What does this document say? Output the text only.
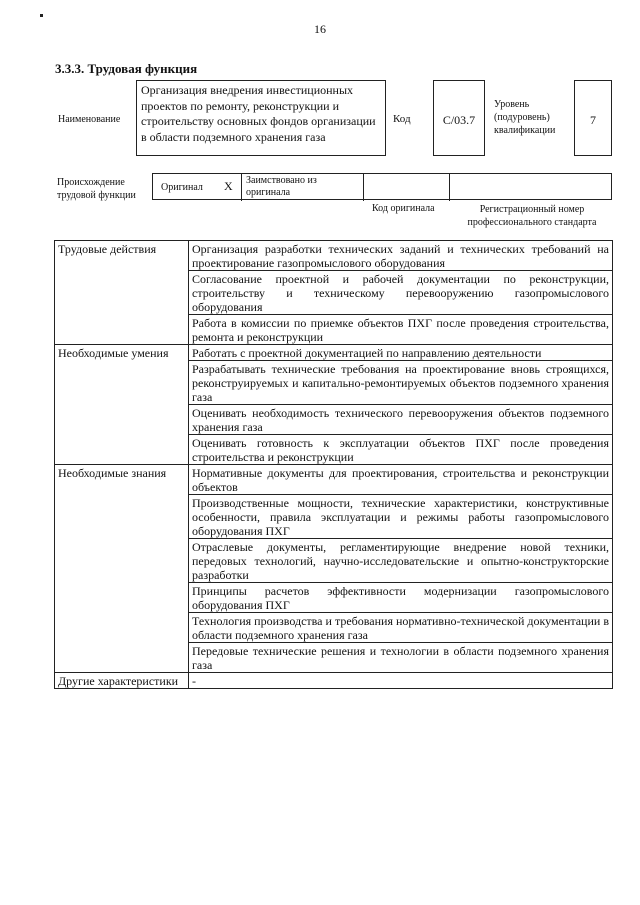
16
3.3.3. Трудовая функция
Наименование
Организация внедрения инвестиционных проектов по ремонту, реконструкции и строительству основных фондов организации в области подземного хранения газа
Код	C/03.7
Уровень (подуровень) квалификации
7
Происхождение трудовой функции
Оригинал X	Заимствовано из оригинала
Код оригинала	Регистрационный номер профессионального стандарта
Трудовые действия	Организация разработки технических заданий и технических требований на проектирование газопромыслового оборудования
	Согласование проектной и рабочей документации по реконструкции, строительству и техническому перевооружению газопромыслового оборудования
	Работа в комиссии по приемке объектов ПХГ после проведения строительства, ремонта и реконструкции
Необходимые умения	Работать с проектной документацией по направлению деятельности
	Разрабатывать технические требования на проектирование вновь строящихся, реконструируемых и капитально-ремонтируемых объектов подземного хранения газа
	Оценивать необходимость технического перевооружения объектов подземного хранения газа
	Оценивать готовность к эксплуатации объектов ПХГ после проведения строительства и реконструкции
Необходимые знания	Нормативные документы для проектирования, строительства и реконструкции объектов
	Производственные мощности, технические характеристики, конструктивные особенности, правила эксплуатации и режимы работы газопромыслового оборудования ПХГ
	Отраслевые документы, регламентирующие внедрение новой техники, передовых технологий, научно-исследовательские и опытно-конструкторские разработки
	Принципы расчетов эффективности модернизации газопромыслового оборудования ПХГ
	Технология производства и требования нормативно-технической документации в области подземного хранения газа
	Передовые технические решения и технологии в области подземного хранения газа
Другие характеристики	-
